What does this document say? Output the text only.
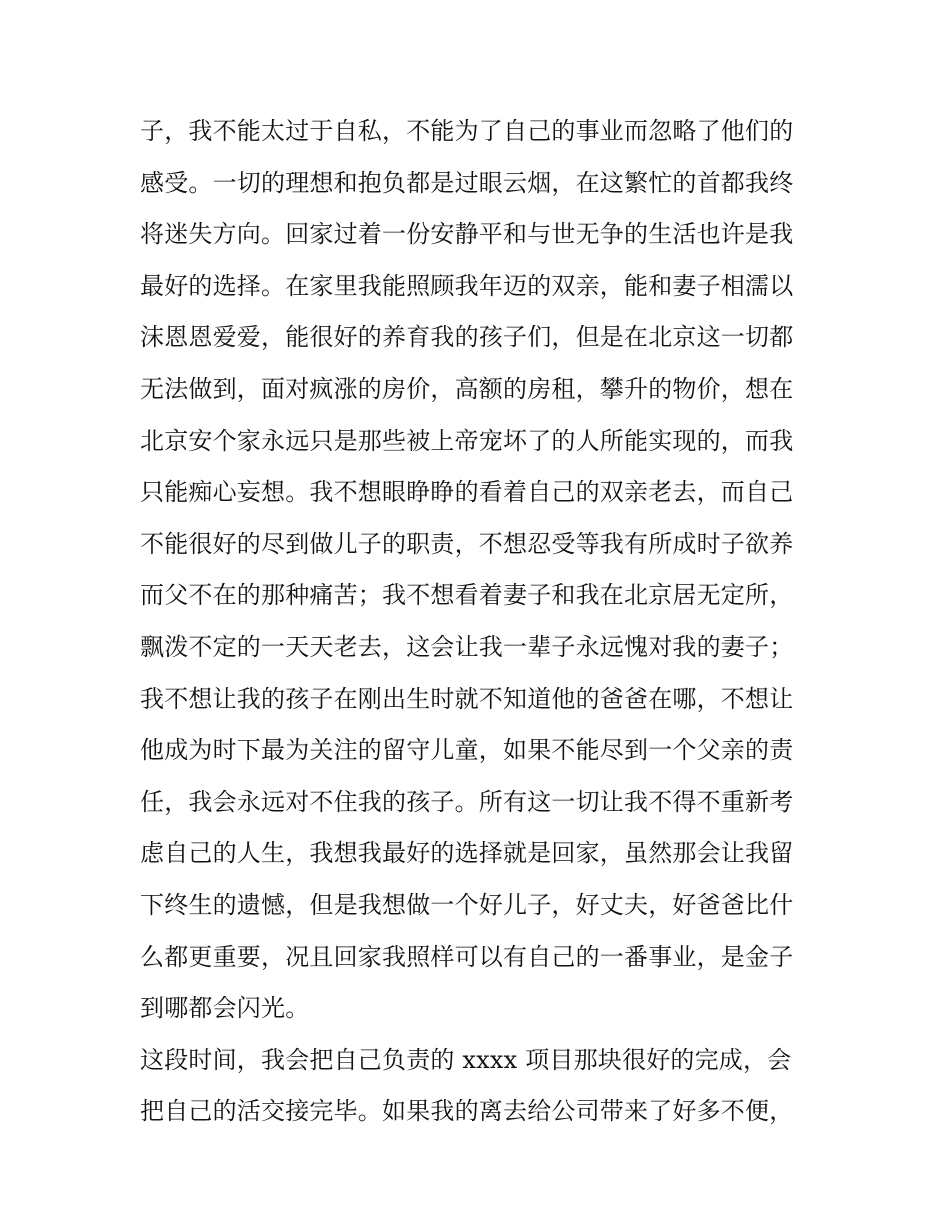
子，我不能太过于自私，不能为了自己的事业而忽略了他们的
感受。一切的理想和抱负都是过眼云烟，在这繁忙的首都我终
将迷失方向。回家过着一份安静平和与世无争的生活也许是我
最好的选择。在家里我能照顾我年迈的双亲，能和妻子相濡以
沫恩恩爱爱，能很好的养育我的孩子们，但是在北京这一切都
无法做到，面对疯涨的房价，高额的房租，攀升的物价，想在
北京安个家永远只是那些被上帝宠坏了的人所能实现的，而我
只能痴心妄想。我不想眼睁睁的看着自己的双亲老去，而自己
不能很好的尽到做儿子的职责，不想忍受等我有所成时子欲养
而父不在的那种痛苦；我不想看着妻子和我在北京居无定所，
飘泼不定的一天天老去，这会让我一辈子永远愧对我的妻子；
我不想让我的孩子在刚出生时就不知道他的爸爸在哪，不想让
他成为时下最为关注的留守儿童，如果不能尽到一个父亲的责
任，我会永远对不住我的孩子。所有这一切让我不得不重新考
虑自己的人生，我想我最好的选择就是回家，虽然那会让我留
下终生的遗憾，但是我想做一个好儿子，好丈夫，好爸爸比什
么都更重要，况且回家我照样可以有自己的一番事业，是金子
到哪都会闪光。
这段时间，我会把自己负责的 xxxx 项目那块很好的完成，会
把自己的活交接完毕。如果我的离去给公司带来了好多不便，
